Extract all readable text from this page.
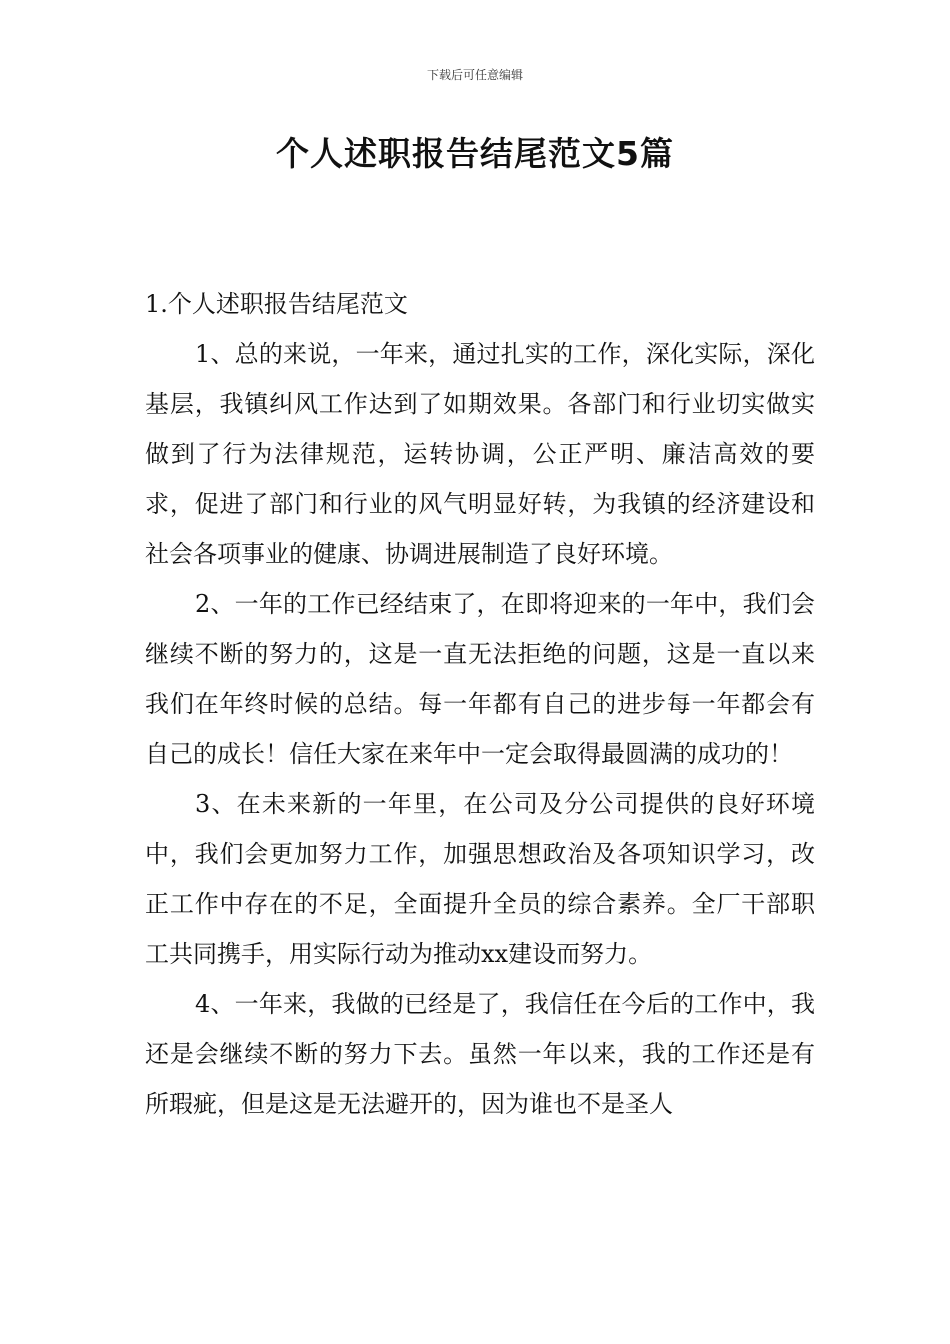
下载后可任意编辑
个人述职报告结尾范文5篇

1.个人述职报告结尾范文

1、总的来说，一年来，通过扎实的工作，深化实际，深化基层，我镇纠风工作达到了如期效果。各部门和行业切实做实做到了行为法律规范，运转协调，公正严明、廉洁高效的要求，促进了部门和行业的风气明显好转，为我镇的经济建设和社会各项事业的健康、协调进展制造了良好环境。

2、一年的工作已经结束了，在即将迎来的一年中，我们会继续不断的努力的，这是一直无法拒绝的问题，这是一直以来我们在年终时候的总结。每一年都有自己的进步每一年都会有自己的成长！信任大家在来年中一定会取得最圆满的成功的！

3、在未来新的一年里，在公司及分公司提供的良好环境中，我们会更加努力工作，加强思想政治及各项知识学习，改正工作中存在的不足，全面提升全员的综合素养。全厂干部职工共同携手，用实际行动为推动xx建设而努力。

4、一年来，我做的已经是了，我信任在今后的工作中，我还是会继续不断的努力下去。虽然一年以来，我的工作还是有所瑕疵，但是这是无法避开的，因为谁也不是圣人
